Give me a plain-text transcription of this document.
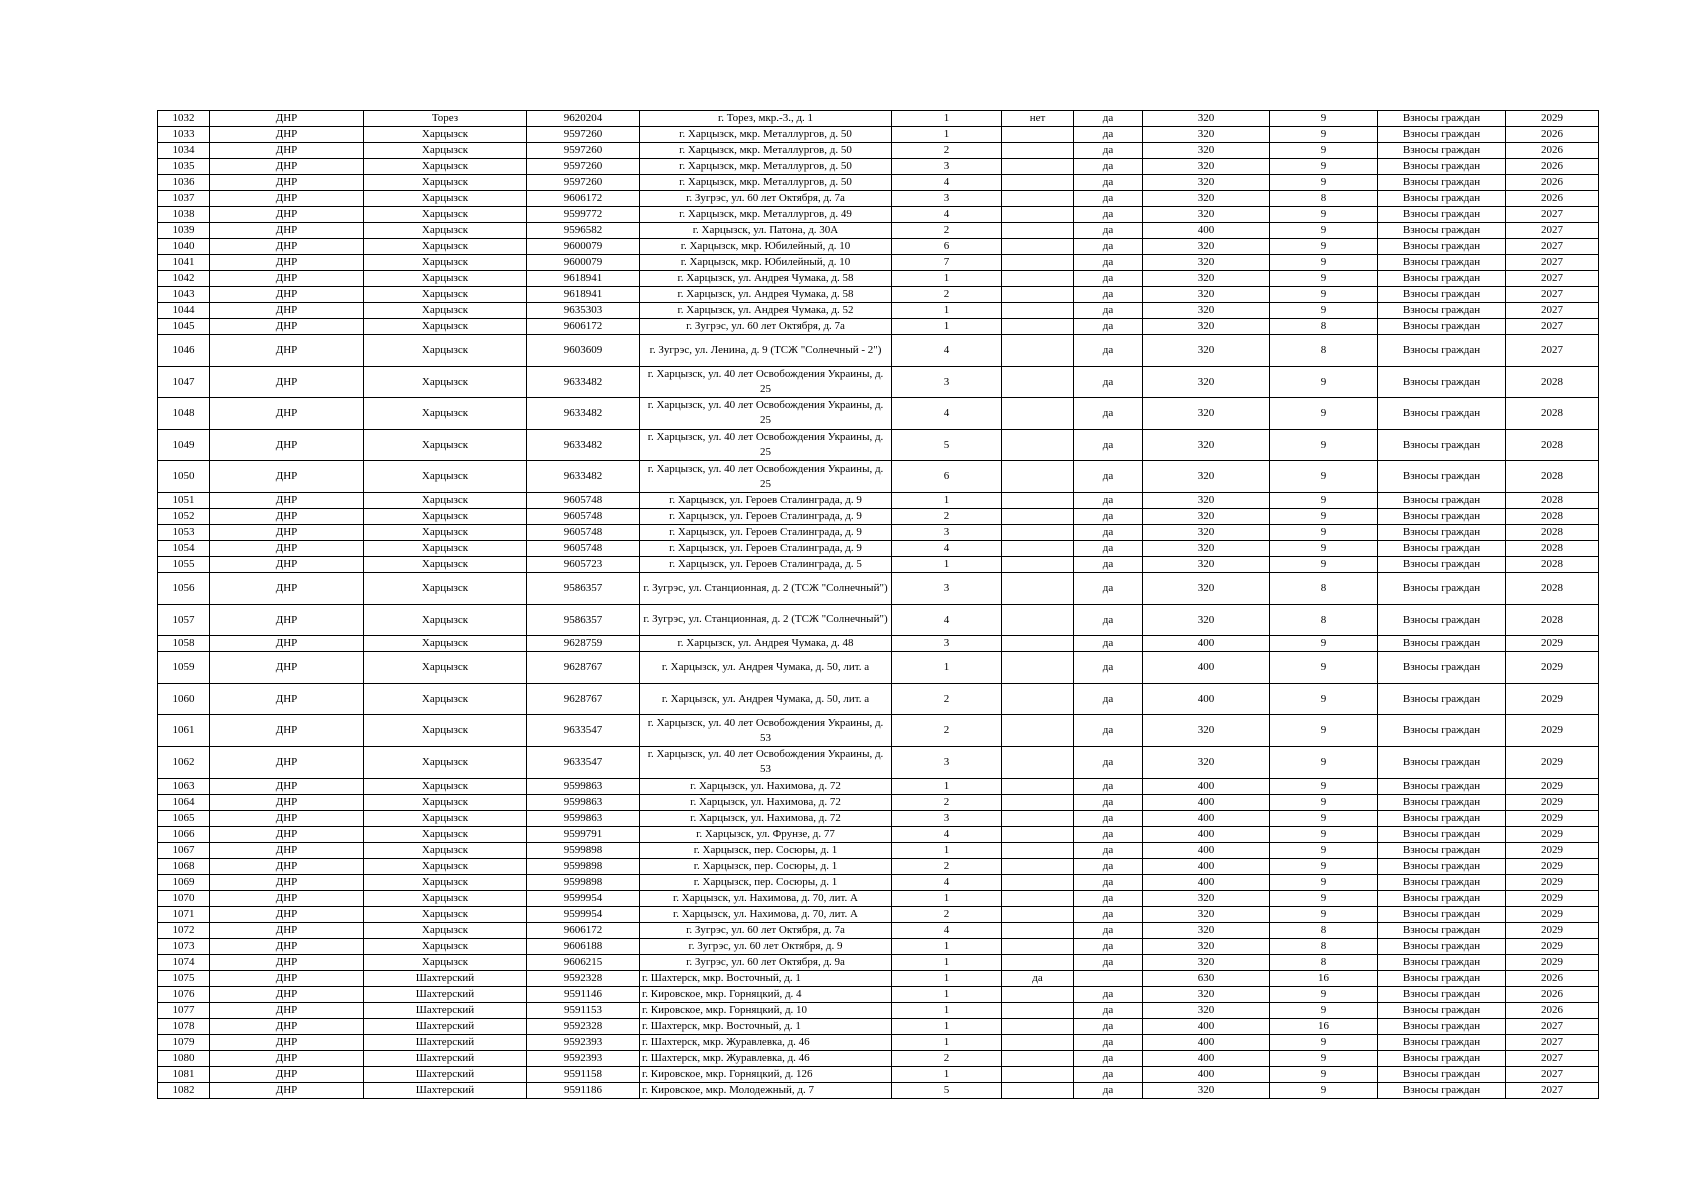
1032	ДНР	Торез	9620204	г. Торез, мкр.-3., д. 1	1	нет	да	320	9	Взносы граждан	2029
1033	ДНР	Харцызск	9597260	г. Харцызск, мкр. Металлургов, д. 50	1		да	320	9	Взносы граждан	2026
1034	ДНР	Харцызск	9597260	г. Харцызск, мкр. Металлургов, д. 50	2		да	320	9	Взносы граждан	2026
1035	ДНР	Харцызск	9597260	г. Харцызск, мкр. Металлургов, д. 50	3		да	320	9	Взносы граждан	2026
1036	ДНР	Харцызск	9597260	г. Харцызск, мкр. Металлургов, д. 50	4		да	320	9	Взносы граждан	2026
1037	ДНР	Харцызск	9606172	г. Зугрэс, ул. 60 лет Октября, д. 7а	3		да	320	8	Взносы граждан	2026
1038	ДНР	Харцызск	9599772	г. Харцызск, мкр. Металлургов, д. 49	4		да	320	9	Взносы граждан	2027
1039	ДНР	Харцызск	9596582	г. Харцызск, ул. Патона, д. 30А	2		да	400	9	Взносы граждан	2027
1040	ДНР	Харцызск	9600079	г. Харцызск, мкр. Юбилейный, д. 10	6		да	320	9	Взносы граждан	2027
1041	ДНР	Харцызск	9600079	г. Харцызск, мкр. Юбилейный, д. 10	7		да	320	9	Взносы граждан	2027
1042	ДНР	Харцызск	9618941	г. Харцызск, ул. Андрея Чумака, д. 58	1		да	320	9	Взносы граждан	2027
1043	ДНР	Харцызск	9618941	г. Харцызск, ул. Андрея Чумака, д. 58	2		да	320	9	Взносы граждан	2027
1044	ДНР	Харцызск	9635303	г. Харцызск, ул. Андрея Чумака, д. 52	1		да	320	9	Взносы граждан	2027
1045	ДНР	Харцызск	9606172	г. Зугрэс, ул. 60 лет Октября, д. 7а	1		да	320	8	Взносы граждан	2027
1046	ДНР	Харцызск	9603609	г. Зугрэс, ул. Ленина, д. 9 (ТСЖ "Солнечный - 2")	4		да	320	8	Взносы граждан	2027
1047	ДНР	Харцызск	9633482	г. Харцызск, ул. 40 лет Освобождения Украины, д. 25	3		да	320	9	Взносы граждан	2028
1048	ДНР	Харцызск	9633482	г. Харцызск, ул. 40 лет Освобождения Украины, д. 25	4		да	320	9	Взносы граждан	2028
1049	ДНР	Харцызск	9633482	г. Харцызск, ул. 40 лет Освобождения Украины, д. 25	5		да	320	9	Взносы граждан	2028
1050	ДНР	Харцызск	9633482	г. Харцызск, ул. 40 лет Освобождения Украины, д. 25	6		да	320	9	Взносы граждан	2028
1051	ДНР	Харцызск	9605748	г. Харцызск, ул. Героев Сталинграда, д. 9	1		да	320	9	Взносы граждан	2028
1052	ДНР	Харцызск	9605748	г. Харцызск, ул. Героев Сталинграда, д. 9	2		да	320	9	Взносы граждан	2028
1053	ДНР	Харцызск	9605748	г. Харцызск, ул. Героев Сталинграда, д. 9	3		да	320	9	Взносы граждан	2028
1054	ДНР	Харцызск	9605748	г. Харцызск, ул. Героев Сталинграда, д. 9	4		да	320	9	Взносы граждан	2028
1055	ДНР	Харцызск	9605723	г. Харцызск, ул. Героев Сталинграда, д. 5	1		да	320	9	Взносы граждан	2028
1056	ДНР	Харцызск	9586357	г. Зугрэс, ул. Станционная, д. 2 (ТСЖ "Солнечный")	3		да	320	8	Взносы граждан	2028
1057	ДНР	Харцызск	9586357	г. Зугрэс, ул. Станционная, д. 2 (ТСЖ "Солнечный")	4		да	320	8	Взносы граждан	2028
1058	ДНР	Харцызск	9628759	г. Харцызск, ул. Андрея Чумака, д. 48	3		да	400	9	Взносы граждан	2029
1059	ДНР	Харцызск	9628767	г. Харцызск, ул. Андрея Чумака, д. 50, лит. а	1		да	400	9	Взносы граждан	2029
1060	ДНР	Харцызск	9628767	г. Харцызск, ул. Андрея Чумака, д. 50, лит. а	2		да	400	9	Взносы граждан	2029
1061	ДНР	Харцызск	9633547	г. Харцызск, ул. 40 лет Освобождения Украины, д. 53	2		да	320	9	Взносы граждан	2029
1062	ДНР	Харцызск	9633547	г. Харцызск, ул. 40 лет Освобождения Украины, д. 53	3		да	320	9	Взносы граждан	2029
1063	ДНР	Харцызск	9599863	г. Харцызск, ул. Нахимова, д. 72	1		да	400	9	Взносы граждан	2029
1064	ДНР	Харцызск	9599863	г. Харцызск, ул. Нахимова, д. 72	2		да	400	9	Взносы граждан	2029
1065	ДНР	Харцызск	9599863	г. Харцызск, ул. Нахимова, д. 72	3		да	400	9	Взносы граждан	2029
1066	ДНР	Харцызск	9599791	г. Харцызск, ул. Фрунзе, д. 77	4		да	400	9	Взносы граждан	2029
1067	ДНР	Харцызск	9599898	г. Харцызск, пер. Сосюры, д. 1	1		да	400	9	Взносы граждан	2029
1068	ДНР	Харцызск	9599898	г. Харцызск, пер. Сосюры, д. 1	2		да	400	9	Взносы граждан	2029
1069	ДНР	Харцызск	9599898	г. Харцызск, пер. Сосюры, д. 1	4		да	400	9	Взносы граждан	2029
1070	ДНР	Харцызск	9599954	г. Харцызск, ул. Нахимова, д. 70, лит. А	1		да	320	9	Взносы граждан	2029
1071	ДНР	Харцызск	9599954	г. Харцызск, ул. Нахимова, д. 70, лит. А	2		да	320	9	Взносы граждан	2029
1072	ДНР	Харцызск	9606172	г. Зугрэс, ул. 60 лет Октября, д. 7а	4		да	320	8	Взносы граждан	2029
1073	ДНР	Харцызск	9606188	г. Зугрэс, ул. 60 лет Октября, д. 9	1		да	320	8	Взносы граждан	2029
1074	ДНР	Харцызск	9606215	г. Зугрэс, ул. 60 лет Октября, д. 9а	1		да	320	8	Взносы граждан	2029
1075	ДНР	Шахтерский	9592328	г. Шахтерск, мкр. Восточный, д. 1	1	да		630	16	Взносы граждан	2026
1076	ДНР	Шахтерский	9591146	г. Кировское, мкр. Горняцкий, д. 4	1		да	320	9	Взносы граждан	2026
1077	ДНР	Шахтерский	9591153	г. Кировское, мкр. Горняцкий, д. 10	1		да	320	9	Взносы граждан	2026
1078	ДНР	Шахтерский	9592328	г. Шахтерск, мкр. Восточный, д. 1	1		да	400	16	Взносы граждан	2027
1079	ДНР	Шахтерский	9592393	г. Шахтерск, мкр. Журавлевка, д. 46	1		да	400	9	Взносы граждан	2027
1080	ДНР	Шахтерский	9592393	г. Шахтерск, мкр. Журавлевка, д. 46	2		да	400	9	Взносы граждан	2027
1081	ДНР	Шахтерский	9591158	г. Кировское, мкр. Горняцкий, д. 126	1		да	400	9	Взносы граждан	2027
1082	ДНР	Шахтерский	9591186	г. Кировское, мкр. Молодежный, д. 7	5		да	320	9	Взносы граждан	2027
